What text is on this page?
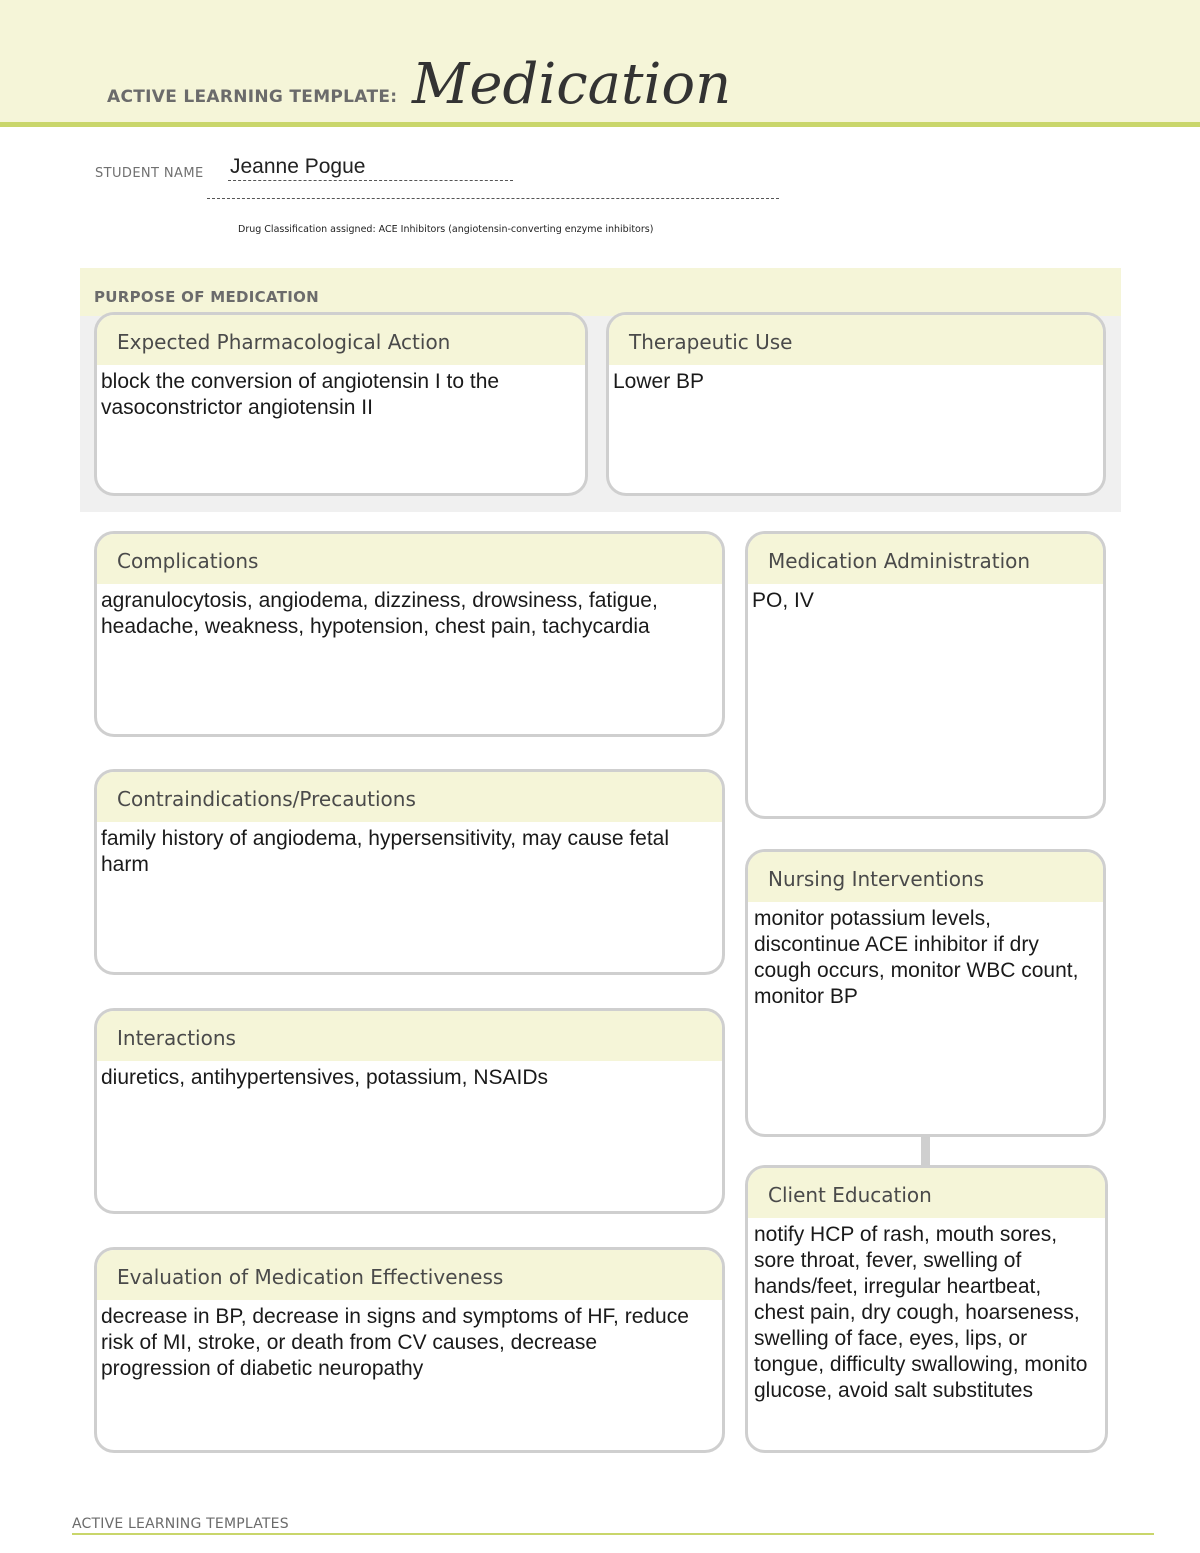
ACTIVE LEARNING TEMPLATE: Medication
STUDENT NAME Jeanne Pogue
Drug Classification assigned: ACE Inhibitors (angiotensin-converting enzyme inhibitors)
PURPOSE OF MEDICATION
Expected Pharmacological Action
block the conversion of angiotensin I to the vasoconstrictor angiotensin II
Therapeutic Use
Lower BP
Complications
agranulocytosis, angiodema, dizziness, drowsiness, fatigue, headache, weakness, hypotension, chest pain, tachycardia
Medication Administration
PO, IV
Contraindications/Precautions
family history of angiodema, hypersensitivity, may cause fetal harm
Nursing Interventions
monitor potassium levels, discontinue ACE inhibitor if dry cough occurs, monitor WBC count, monitor BP
Interactions
diuretics, antihypertensives, potassium, NSAIDs
Client Education
notify HCP of rash, mouth sores, sore throat, fever, swelling of hands/feet, irregular heartbeat, chest pain, dry cough, hoarseness, swelling of face, eyes, lips, or tongue, difficulty swallowing, monito glucose, avoid salt substitutes
Evaluation of Medication Effectiveness
decrease in BP, decrease in signs and symptoms of HF, reduce risk of MI, stroke, or death from CV causes, decrease progression of diabetic neuropathy
ACTIVE LEARNING TEMPLATES
